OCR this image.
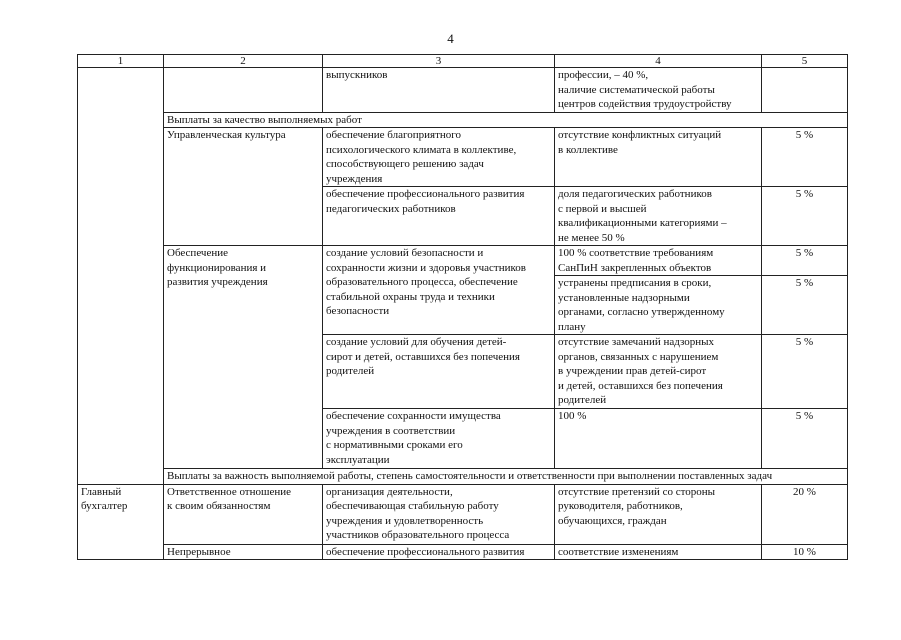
4
1	2	3	4	5
		выпускников	профессии, – 40 %,
наличие систематической работы
центров содействия трудоустройству	
	Выплаты за качество выполняемых работ			
	Управленческая культура	обеспечение благоприятного
психологического климата в коллективе,
способствующего решению задач
учреждения	отсутствие конфликтных ситуаций
в коллективе	5 %
		обеспечение профессионального развития
педагогических работников	доля педагогических работников
с первой и высшей
квалификационными категориями –
не менее 50 %	5 %
	Обеспечение
функционирования и
развития учреждения	создание условий безопасности и
сохранности жизни и здоровья участников
образовательного процесса, обеспечение
стабильной охраны труда и техники
безопасности	100 % соответствие требованиям
СанПиН закрепленных объектов	5 %
			устранены предписания в сроки,
установленные надзорными
органами, согласно утвержденному
плану	5 %
		создание условий для обучения детей-
сирот и детей, оставшихся без попечения
родителей	отсутствие замечаний надзорных
органов, связанных с нарушением
в учреждении прав детей-сирот
и детей, оставшихся без попечения
родителей	5 %
		обеспечение сохранности имущества
учреждения в соответствии
с нормативными сроками его
эксплуатации	100 %	5 %
	Выплаты за важность выполняемой работы, степень самостоятельности и ответственности при выполнении поставленных задач			
Главный
бухгалтер	Ответственное отношение
к своим обязанностям	организация деятельности,
обеспечивающая стабильную работу
учреждения и удовлетворенность
участников образовательного процесса	отсутствие претензий со стороны
руководителя, работников,
обучающихся, граждан	20 %
	Непрерывное	обеспечение профессионального развития	соответствие изменениям	10 %
